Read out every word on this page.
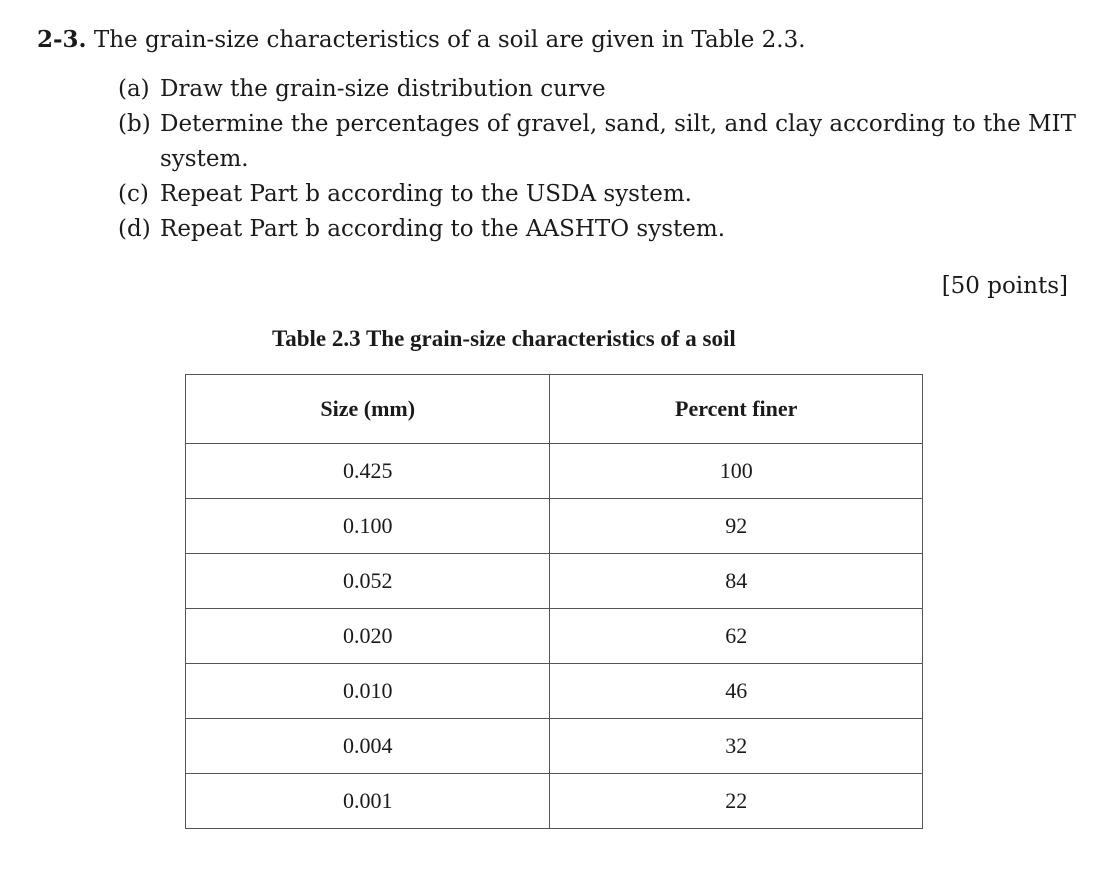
2-3. The grain-size characteristics of a soil are given in Table 2.3.
(a) Draw the grain-size distribution curve
(b) Determine the percentages of gravel, sand, silt, and clay according to the MIT system.
(c) Repeat Part b according to the USDA system.
(d) Repeat Part b according to the AASHTO system.
[50 points]
Table 2.3 The grain-size characteristics of a soil
Size (mm)	Percent finer
0.425	100
0.100	92
0.052	84
0.020	62
0.010	46
0.004	32
0.001	22
